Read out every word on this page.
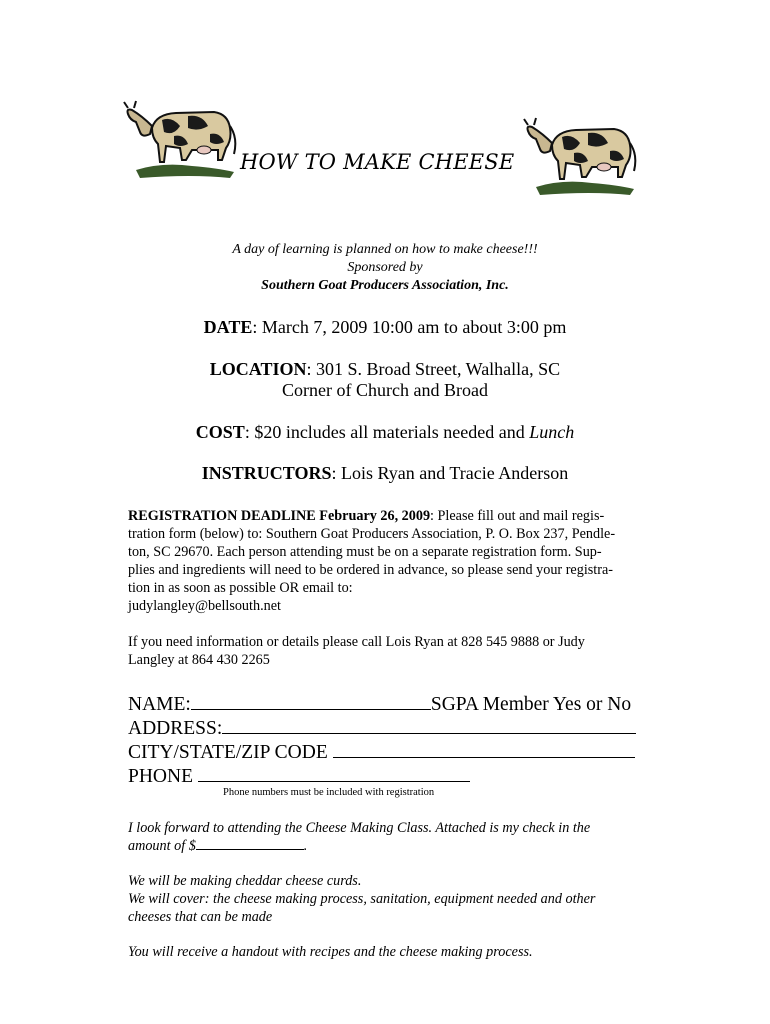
HOW TO MAKE CHEESE
A day of learning is planned on how to make cheese!!!
Sponsored by
Southern Goat Producers Association, Inc.
DATE: March 7, 2009 10:00 am to about 3:00 pm
LOCATION: 301 S. Broad Street, Walhalla, SC
Corner of Church and Broad
COST: $20 includes all materials needed and Lunch
INSTRUCTORS: Lois Ryan and Tracie Anderson
REGISTRATION DEADLINE February 26, 2009: Please fill out and mail regis-
tration form (below) to: Southern Goat Producers Association, P. O. Box 237, Pendle-
ton, SC 29670. Each person attending must be on a separate registration form. Sup-
plies and ingredients will need to be ordered in advance, so please send your registra-
tion in as soon as possible OR email to:
judylangley@bellsouth.net
If you need information or details please call Lois Ryan at 828 545 9888 or Judy
Langley at 864 430 2265
NAME:	SGPA Member Yes or No
ADDRESS:
CITY/STATE/ZIP CODE
PHONE
Phone numbers must be included with registration
I look forward to attending the Cheese Making Class. Attached is my check in the
amount of $	.
We will be making cheddar cheese curds.
We will cover: the cheese making process, sanitation, equipment needed and other
cheeses that can be made
You will receive a handout with recipes and the cheese making process.
